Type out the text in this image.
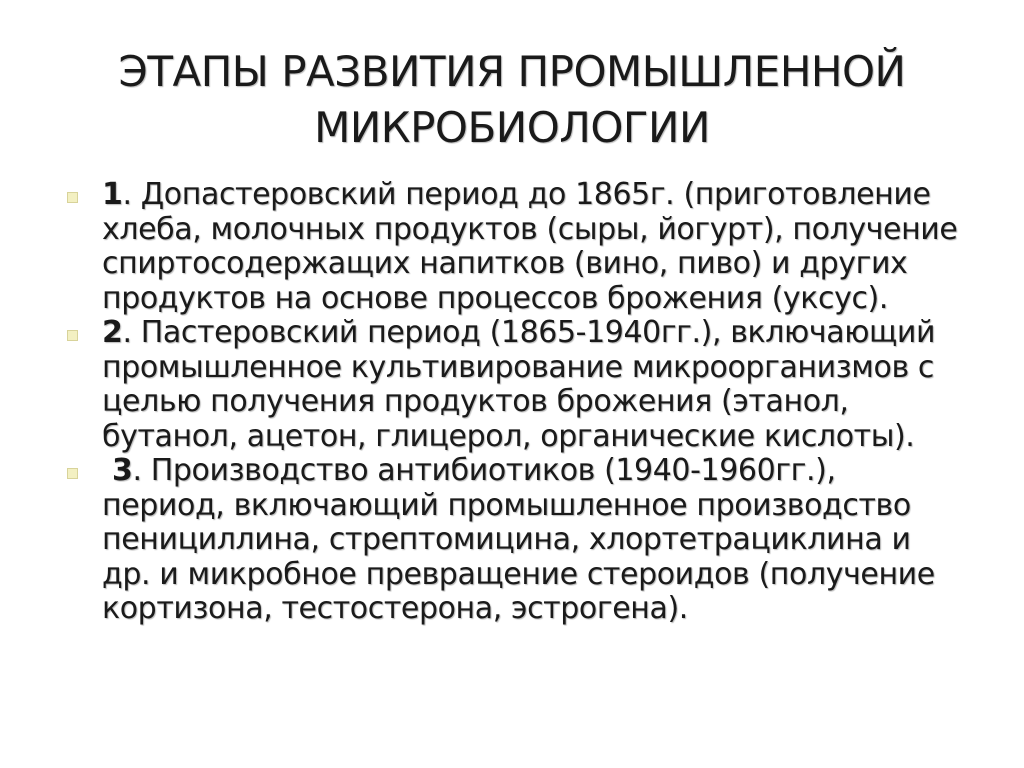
ЭТАПЫ РАЗВИТИЯ ПРОМЫШЛЕННОЙ
МИКРОБИОЛОГИИ
1. Допастеровский период до 1865г. (приготовление хлеба, молочных продуктов (сыры, йогурт), получение спиртосодержащих напитков (вино, пиво) и других продуктов на основе процессов брожения (уксус).
2. Пастеровский период (1865-1940гг.), включающий промышленное культивирование микроорганизмов с целью получения продуктов брожения (этанол, бутанол, ацетон, глицерол, органические кислоты).
3. Производство антибиотиков (1940-1960гг.), период, включающий промышленное производство пенициллина, стрептомицина, хлортетрациклина и др. и микробное превращение стероидов (получение кортизона, тестостерона, эстрогена).
